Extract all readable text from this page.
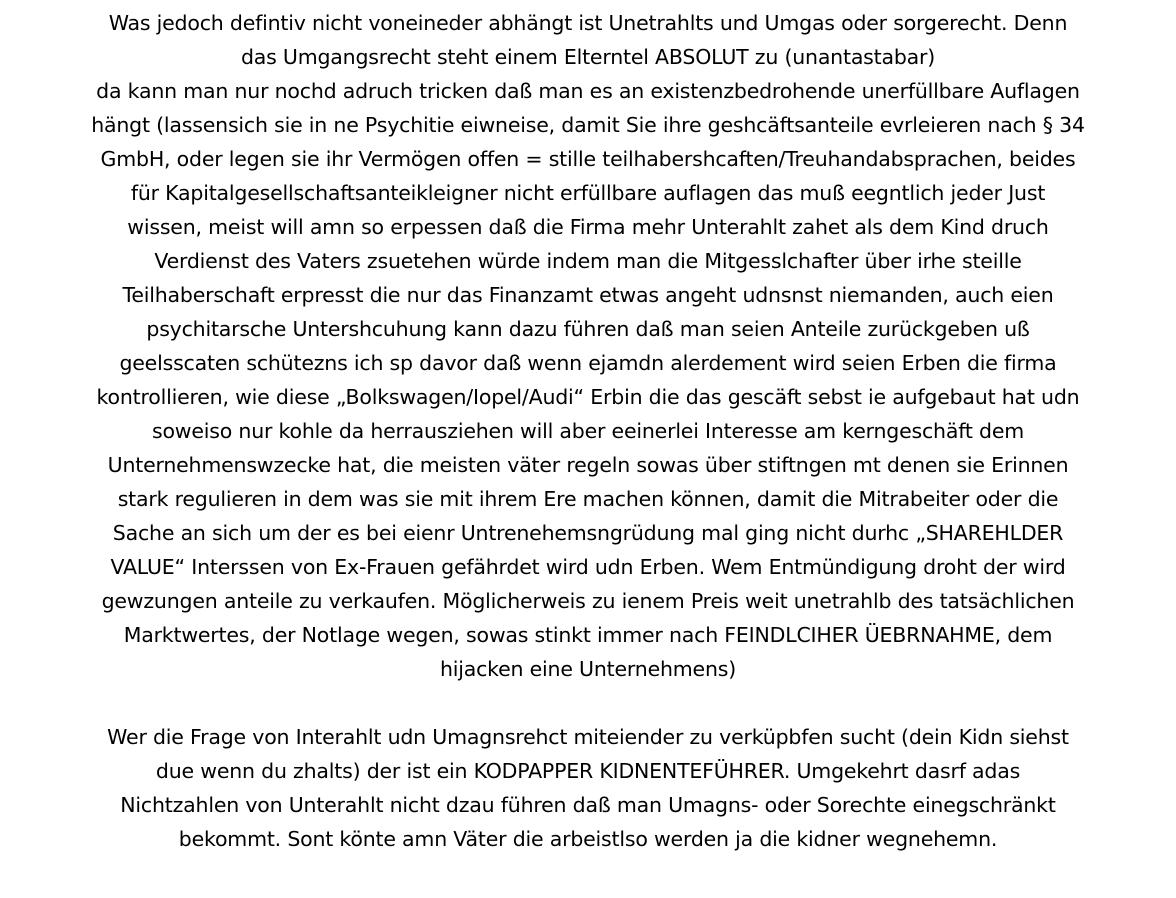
Was jedoch defintiv nicht voneineder abhängt ist Unetrahlts und Umgas oder sorgerecht. Denn
das Umgangsrecht steht einem Elterntel ABSOLUT zu (unantastabar)
da kann man nur nochd adruch tricken daß man es an existenzbedrohende unerfüllbare Auflagen
hängt (lassensich sie in ne Psychitie eiwneise, damit Sie ihre geshcäftsanteile evrleieren nach § 34
GmbH, oder legen sie ihr Vermögen offen = stille teilhabershcaften/Treuhandabsprachen, beides
für Kapitalgesellschaftsanteikleigner nicht erfüllbare auflagen das muß eegntlich jeder Just
wissen, meist will amn so erpessen daß die Firma mehr Unterahlt zahet als dem Kind druch
Verdienst des Vaters zsuetehen würde indem man die Mitgesslchafter über irhe steille
Teilhaberschaft erpresst die nur das Finanzamt etwas angeht udnsnst niemanden, auch eien
psychitarsche Untershcuhung kann dazu führen daß man seien Anteile zurückgeben uß
geelsscaten schütezns ich sp davor daß wenn ejamdn alerdement wird seien Erben die firma
kontrollieren, wie diese „Bolkswagen/Iopel/Audi“ Erbin die das gescäft sebst ie aufgebaut hat udn
soweiso nur kohle da herrausziehen will aber eeinerlei Interesse am kerngeschäft dem
Unternehmenswzecke hat, die meisten väter regeln sowas über stiftngen mt denen sie Erinnen
stark regulieren in dem was sie mit ihrem Ere machen können, damit die Mitrabeiter oder die
Sache an sich um der es bei eienr Untrenehemsngrüdung mal ging nicht durhc „SHAREHLDER
VALUE“ Interssen von Ex-Frauen gefährdet wird udn Erben. Wem Entmündigung droht der wird
gewzungen anteile zu verkaufen. Möglicherweis zu ienem Preis weit unetrahlb des tatsächlichen
Marktwertes, der Notlage wegen, sowas stinkt immer nach FEINDLCIHER ÜEBRNAHME, dem
hijacken eine Unternehmens)
Wer die Frage von Interahlt udn Umagnsrehct miteiender zu verküpbfen sucht (dein Kidn siehst
due wenn du zhalts) der ist ein KODPAPPER KIDNENTEFÜHRER. Umgekehrt dasrf adas
Nichtzahlen von Unterahlt nicht dzau führen daß man Umagns- oder Sorechte einegschränkt
bekommt. Sont könte amn Väter die arbeistlso werden ja die kidner wegnehemn.
